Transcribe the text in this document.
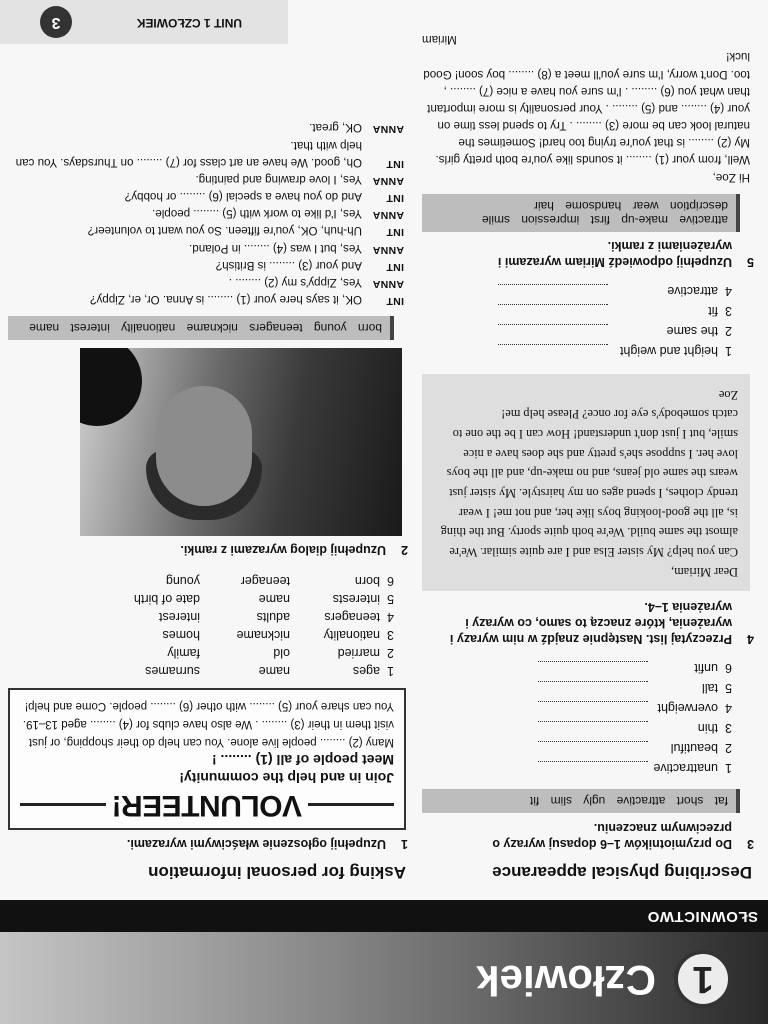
1
Człowiek
SŁOWNICTWO
Describing physical appearance
3
Do przymiotników 1–6 dopasuj wyrazy o przeciwnym znaczeniu.
fat short attractive ugly slim fit
1
unattractive
2
beautiful
3
thin
4
overweight
5
tall
6
unfit
4
Przeczytaj list. Następnie znajdź w nim wyrazy i wyrażenia, które znaczą to samo, co wyrazy i wyrażenia 1–4.
Dear Miriam,
Can you help? My sister Elsa and I are quite similar. We're almost the same build. We're both quite sporty. But the thing is, all the good-looking boys like her, and not me! I wear trendy clothes, I spend ages on my hairstyle. My sister just wears the same old jeans, and no make-up, and all the boys love her. I suppose she's pretty and she does have a nice smile, but I just don't understand! How can I be the one to catch somebody's eye for once? Please help me!
Zoe
1
height and weight
2
the same
3
fit
4
attractive
5
Uzupełnij odpowiedź Miriam wyrazami i wyrażeniami z ramki.
attractive make-up first impression smile description wear handsome hair
Hi Zoe,
Well, from your (1) ........ it sounds like you're both pretty girls. My (2) ........ is that you're trying too hard! Sometimes the natural look can be more (3) ........ . Try to spend less time on your (4) ........ and (5) ........ . Your personality is more important than what you (6) ........ . I'm sure you have a nice (7) ........ , too. Don't worry, I'm sure you'll meet a (8) ........ boy soon! Good luck!
Miriam
Asking for personal information
1
Uzupełnij ogłoszenie właściwymi wyrazami.
VOLUNTEER!
Join in and help the community!
Meet people of all (1) ........ !
Many (2) ........ people live alone. You can help do their shopping, or just visit them in their (3) ........ . We also have clubs for (4) ........ aged 13–19. You can share your (5) ........ with other (6) ........ people. Come and help!
1
ages
name
surnames
2
married
old
family
3
nationality
nickname
homes
4
teenagers
adults
interest
5
interests
name
date of birth
6
born
teenager
young
2
Uzupełnij dialog wyrazami z ramki.
born young teenagers nickname nationality interest name
INT
OK, it says here your (1) ........ is Anna. Or, er, Zippy?
ANNA
Yes, Zippy's my (2) ........ .
INT
And your (3) ........ is British?
ANNA
Yes, but I was (4) ........ in Poland.
INT
Uh-huh, OK, you're fifteen. So you want to volunteer?
ANNA
Yes, I'd like to work with (5) ........ people.
INT
And do you have a special (6) ........ or hobby?
ANNA
Yes, I love drawing and painting.
INT
Oh, good. We have an art class for (7) ........ on Thursdays. You can help with that.
ANNA
OK, great.
UNIT 1 CZŁOWIEK
3
